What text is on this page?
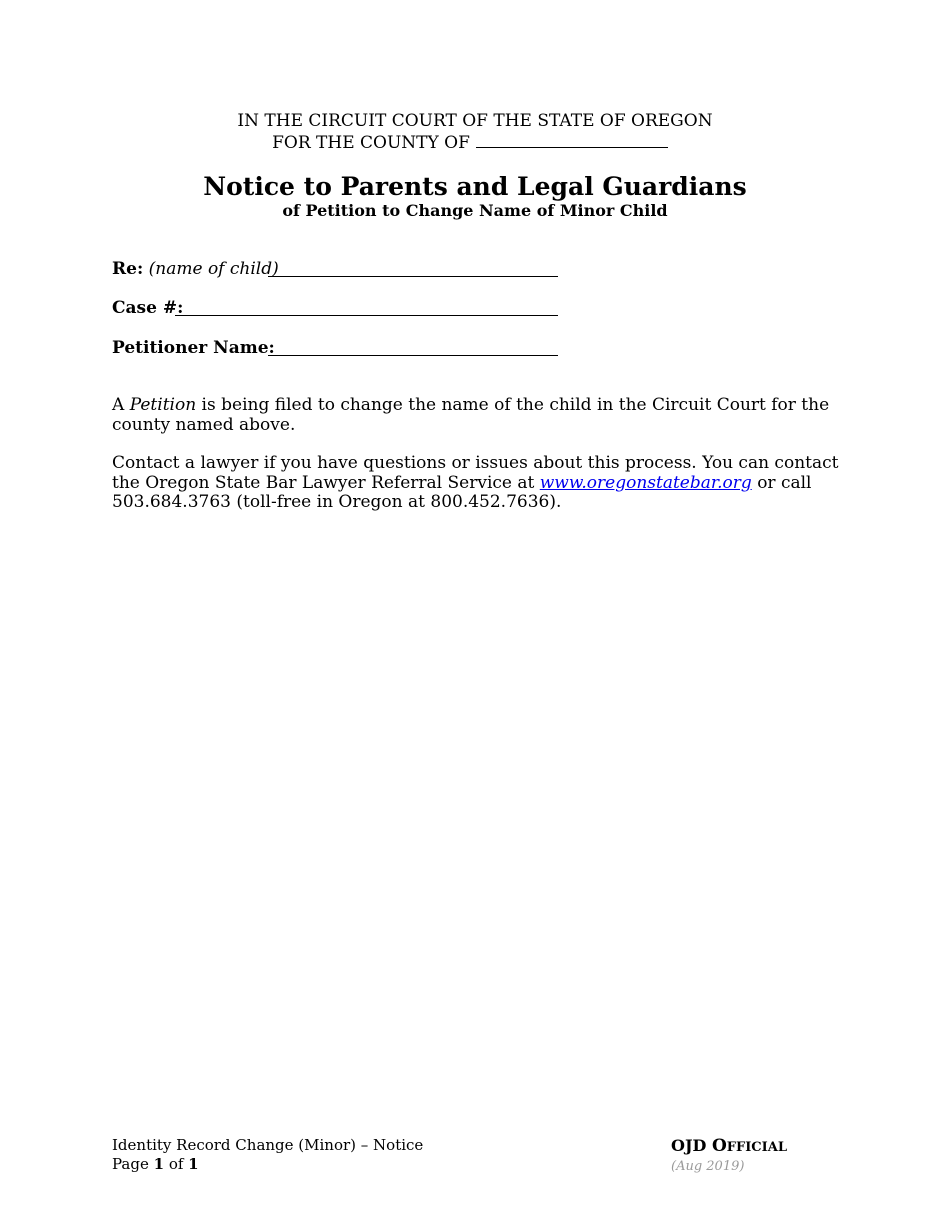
IN THE CIRCUIT COURT OF THE STATE OF OREGON
FOR THE COUNTY OF
Notice to Parents and Legal Guardians
of Petition to Change Name of Minor Child
Re: (name of child)
Case #:
Petitioner Name:
A Petition is being filed to change the name of the child in the Circuit Court for the county named above.
Contact a lawyer if you have questions or issues about this process. You can contact the Oregon State Bar Lawyer Referral Service at www.oregonstatebar.org or call 503.684.3763 (toll-free in Oregon at 800.452.7636).
Identity Record Change (Minor) – Notice
Page 1 of 1
OJD OFFICIAL
(Aug 2019)
